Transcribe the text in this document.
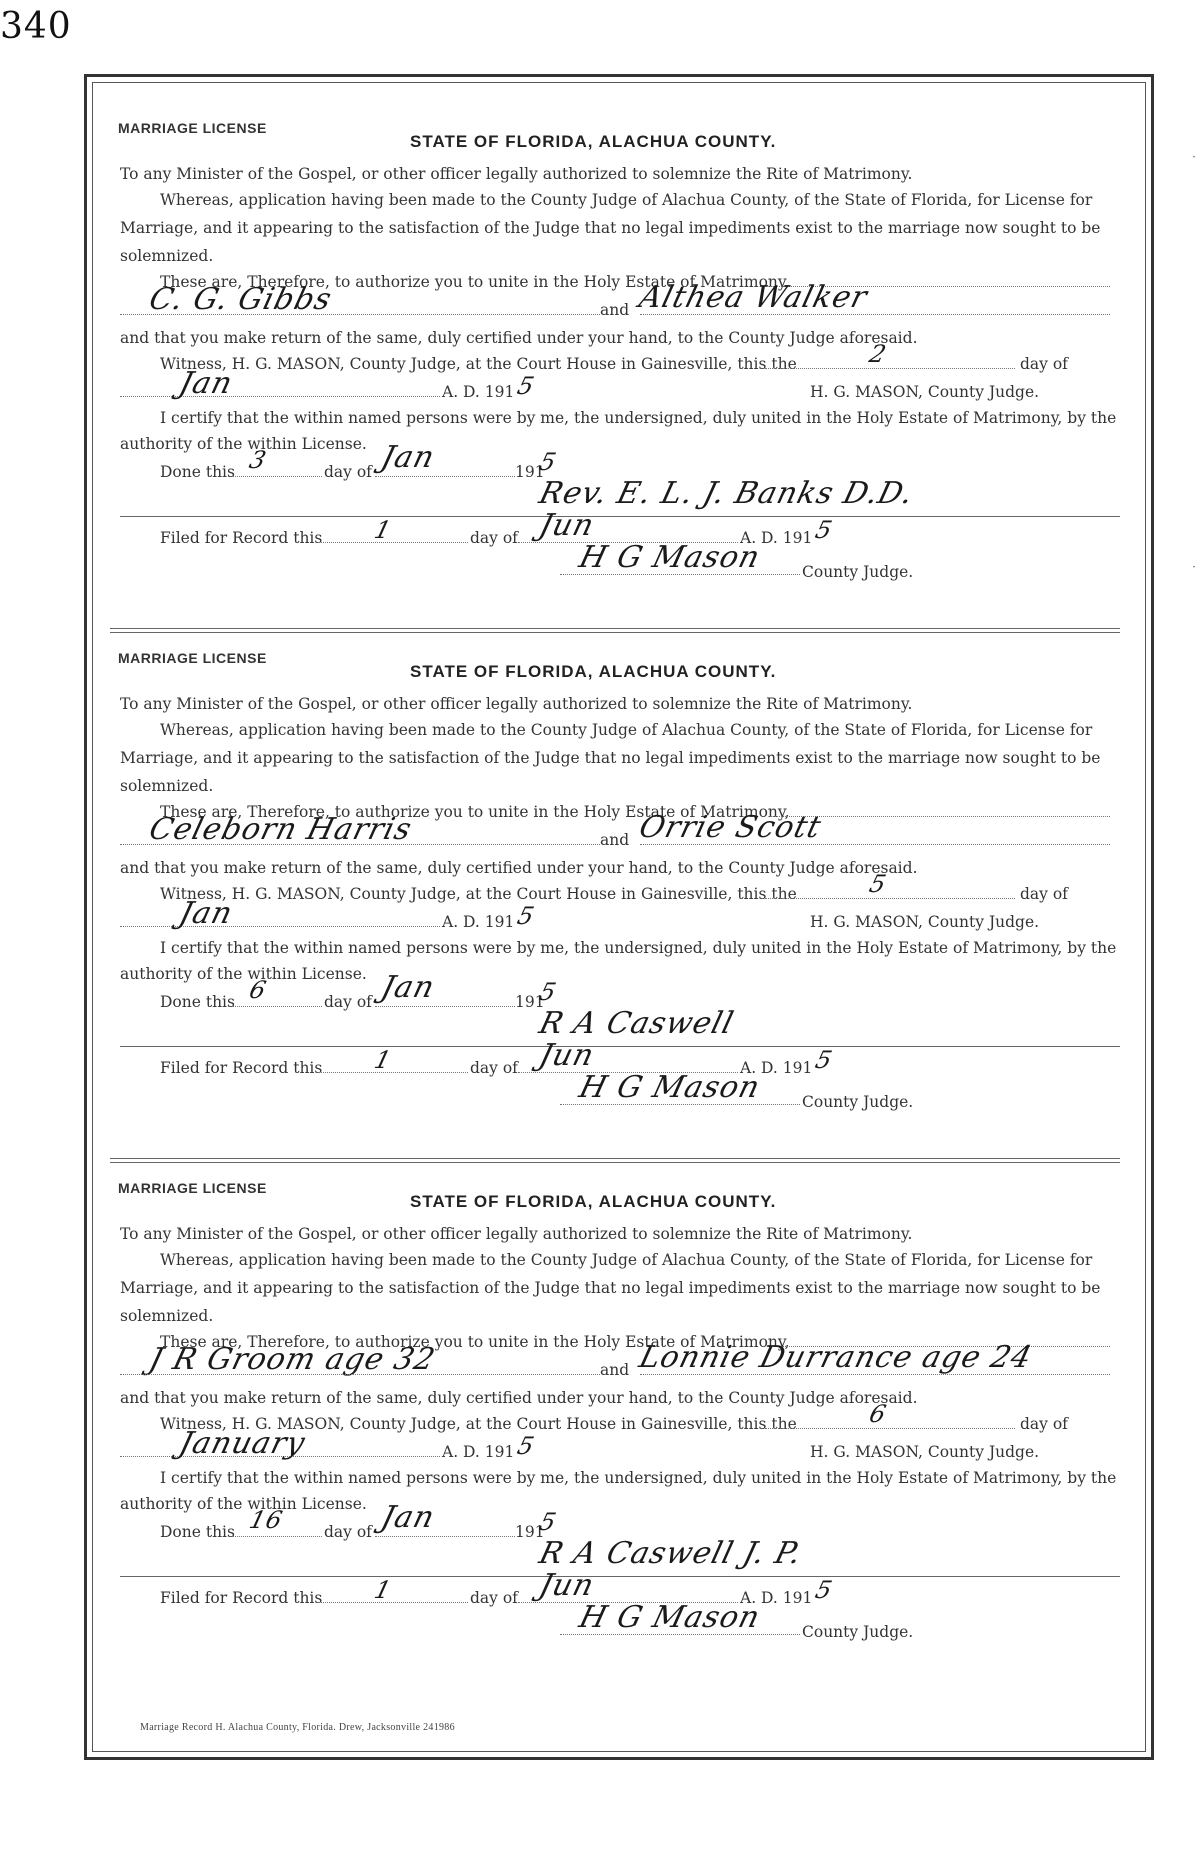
340
·
·
MARRIAGE LICENSE
STATE OF FLORIDA, ALACHUA COUNTY.
To any Minister of the Gospel, or other officer legally authorized to solemnize the Rite of Matrimony.
Whereas, application having been made to the County Judge of Alachua County, of the State of Florida, for License for
Marriage, and it appearing to the satisfaction of the Judge that no legal impediments exist to the marriage now sought to be
solemnized.
These are, Therefore, to authorize you to unite in the Holy Estate of Matrimony,
C. G. Gibbs	and Althea Walker
and that you make return of the same, duly certified under your hand, to the County Judge aforesaid.
Witness, H. G. MASON, County Judge, at the Court House in Gainesville, this the	2	day of
Jan	A. D. 191 5	H. G. MASON, County Judge.
I certify that the within named persons were by me, the undersigned, duly united in the Holy Estate of Matrimony, by the
authority of the within License.
Done this 3	day of Jan	191
5
Rev. E. L. J. Banks D.D.
Filed for Record this 1	day of Jun	A. D. 191 5
H G Mason County Judge.
MARRIAGE LICENSE
STATE OF FLORIDA, ALACHUA COUNTY.
To any Minister of the Gospel, or other officer legally authorized to solemnize the Rite of Matrimony.
Whereas, application having been made to the County Judge of Alachua County, of the State of Florida, for License for
Marriage, and it appearing to the satisfaction of the Judge that no legal impediments exist to the marriage now sought to be
solemnized.
These are, Therefore, to authorize you to unite in the Holy Estate of Matrimony,
Celeborn Harris	and Orrie Scott
and that you make return of the same, duly certified under your hand, to the County Judge aforesaid.
Witness, H. G. MASON, County Judge, at the Court House in Gainesville, this the	5	day of
Jan	A. D. 191 5	H. G. MASON, County Judge.
I certify that the within named persons were by me, the undersigned, duly united in the Holy Estate of Matrimony, by the
authority of the within License.
Done this 6	day of Jan	191
5
R A Caswell
Filed for Record this 1	day of Jun	A. D. 191 5
H G Mason County Judge.
MARRIAGE LICENSE
STATE OF FLORIDA, ALACHUA COUNTY.
To any Minister of the Gospel, or other officer legally authorized to solemnize the Rite of Matrimony.
Whereas, application having been made to the County Judge of Alachua County, of the State of Florida, for License for
Marriage, and it appearing to the satisfaction of the Judge that no legal impediments exist to the marriage now sought to be
solemnized.
These are, Therefore, to authorize you to unite in the Holy Estate of Matrimony,
J R Groom age 32	and Lonnie Durrance age 24
and that you make return of the same, duly certified under your hand, to the County Judge aforesaid.
Witness, H. G. MASON, County Judge, at the Court House in Gainesville, this the	6	day of
January	A. D. 191 5	H. G. MASON, County Judge.
I certify that the within named persons were by me, the undersigned, duly united in the Holy Estate of Matrimony, by the
authority of the within License.
Done this 16 day of Jan	191
5
R A Caswell J. P.
Filed for Record this 1	day of Jun	A. D. 191 5
H G Mason County Judge.
Marriage Record H. Alachua County, Florida. Drew, Jacksonville 241986
